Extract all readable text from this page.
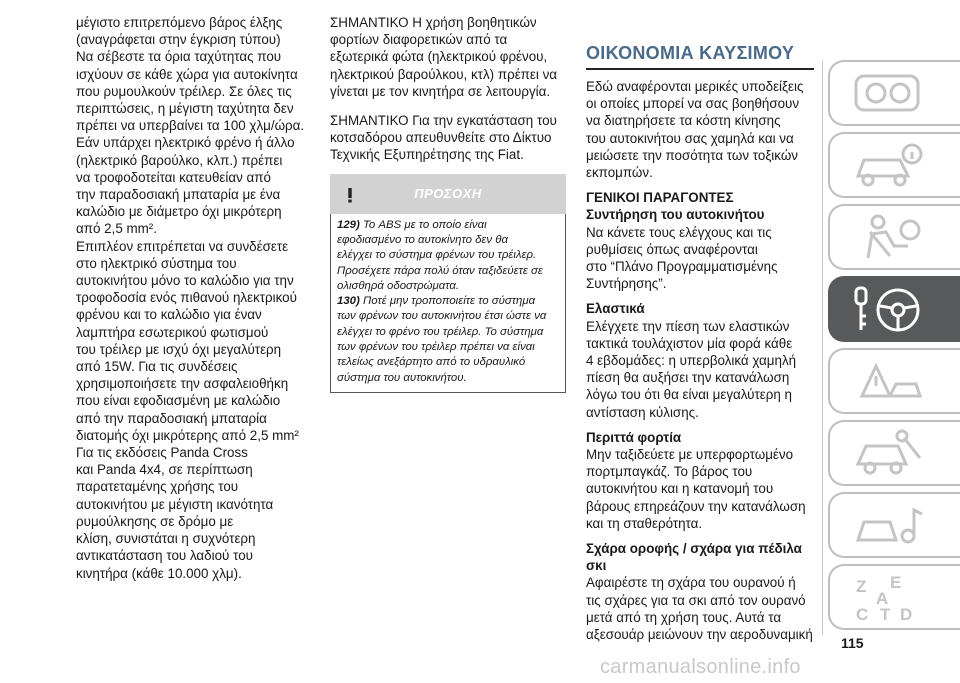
μέγιστο επιτρεπόμενο βάρος έλξης

(αναγράφεται στην έγκριση τύπου)

Να σέβεστε τα όρια ταχύτητας που

ισχύουν σε κάθε χώρα για αυτοκίνητα

που ρυμουλκούν τρέιλερ. Σε όλες τις

περιπτώσεις, η μέγιστη ταχύτητα δεν

πρέπει να υπερβαίνει τα 100 χλμ/ώρα.

Εάν υπάρχει ηλεκτρικό φρένο ή άλλο

(ηλεκτρικό βαρούλκο, κλπ.) πρέπει

να τροφοδοτείται κατευθείαν από

την παραδοσιακή μπαταρία με ένα

καλώδιο με διάμετρο όχι μικρότερη

από 2,5 mm².

Επιπλέον επιτρέπεται να συνδέσετε

στο ηλεκτρικό σύστημα του

αυτοκινήτου μόνο το καλώδιο για την

τροφοδοσία ενός πιθανού ηλεκτρικού

φρένου και το καλώδιο για έναν

λαμπτήρα εσωτερικού φωτισμού

του τρέιλερ με ισχύ όχι μεγαλύτερη

από 15W. Για τις συνδέσεις

χρησιμοποιήσετε την ασφαλειοθήκη

που είναι εφοδιασμένη με καλώδιο

από την παραδοσιακή μπαταρία

διατομής όχι μικρότερης από 2,5 mm²

Για τις εκδόσεις Panda Cross

και Panda 4x4, σε περίπτωση

παρατεταμένης χρήσης του

αυτοκινήτου με μέγιστη ικανότητα

ρυμούλκησης σε δρόμο με

κλίση, συνιστάται η συχνότερη

αντικατάσταση του λαδιού του

κινητήρα (κάθε 10.000 χλμ).

ΣΗΜΑΝΤΙΚΟ Η χρήση βοηθητικών

φορτίων διαφορετικών από τα

εξωτερικά φώτα (ηλεκτρικού φρένου,

ηλεκτρικού βαρούλκου, κτλ) πρέπει να

γίνεται με τον κινητήρα σε λειτουργία.

ΣΗΜΑΝΤΙΚΟ Για την εγκατάσταση του

κοτσαδόρου απευθυνθείτε στο Δίκτυο

Τεχνικής Εξυπηρέτησης της Fiat.

ΠΡΟΣΟΧΗ

129) Το ABS με το οποίο είναι

εφοδιασμένο το αυτοκίνητο δεν θα

ελέγχει το σύστημα φρένων του τρέιλερ.

Προσέχετε πάρα πολύ όταν ταξιδεύετε σε

ολισθηρά οδοστρώματα.

130) Ποτέ μην τροποποιείτε το σύστημα

των φρένων του αυτοκινήτου έτσι ώστε να

ελέγχει το φρένο του τρέιλερ. Το σύστημα

των φρένων του τρέιλερ πρέπει να είναι

τελείως ανεξάρτητο από το υδραυλικό

σύστημα του αυτοκινήτου.

ΟΙΚΟΝΟΜΙΑ ΚΑΥΣΙΜΟΥ

Εδώ αναφέρονται μερικές υποδείξεις

οι οποίες μπορεί να σας βοηθήσουν

να διατηρήσετε τα κόστη κίνησης

του αυτοκινήτου σας χαμηλά και να

μειώσετε την ποσότητα των τοξικών

εκπομπών.

ΓΕΝΙΚΟΙ ΠΑΡΑΓΟΝΤΕΣ

Συντήρηση του αυτοκινήτου

Να κάνετε τους ελέγχους και τις

ρυθμίσεις όπως αναφέρονται

στο “Πλάνο Προγραμματισμένης

Συντήρησης”.

Ελαστικά

Ελέγχετε την πίεση των ελαστικών

τακτικά τουλάχιστον μία φορά κάθε

4 εβδομάδες: η υπερβολικά χαμηλή

πίεση θα αυξήσει την κατανάλωση

λόγω του ότι θα είναι μεγαλύτερη η

αντίσταση κύλισης.

Περιττά φορτία

Μην ταξιδεύετε με υπερφορτωμένο

πορτμπαγκάζ. Το βάρος του

αυτοκινήτου και η κατανομή του

βάρους επηρεάζουν την κατανάλωση

και τη σταθερότητα.

Σχάρα οροφής / σχάρα για πέδιλα

σκι

Αφαιρέστε τη σχάρα του ουρανού ή

τις σχάρες για τα σκι από τον ουρανό

μετά από τη χρήση τους. Αυτά τα

αξεσουάρ μειώνουν την αεροδυναμική

Z E
A
C T D
115
carmanualsonline.info
